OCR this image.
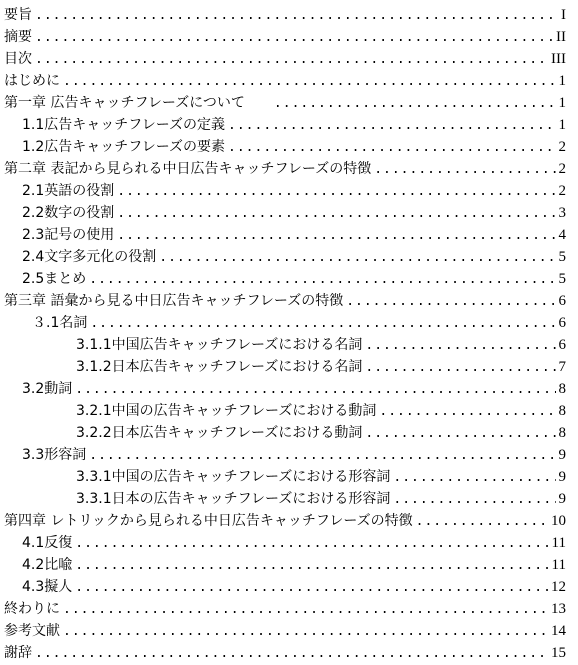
要旨 .....	I
摘要 .....	II
目次 .....	III
はじめに .....	1
第一章 広告キャッチフレーズについて .....	1
1.1広告キャッチフレーズの定義 .....	1
1.2広告キャッチフレーズの要素 .....	2
第二章 表記から見られる中日広告キャッチフレーズの特徴 .....	2
2.1英語の役割 .....	2
2.2数字の役割 .....	3
2.3記号の使用 .....	4
2.4文字多元化の役割 .....	5
2.5まとめ .....	5
第三章 語彙から見る中日広告キャッチフレーズの特徴 .....	6
３.1名詞 .....	6
3.1.1中国広告キャッチフレーズにおける名詞 .....	6
3.1.2日本広告キャッチフレーズにおける名詞 .....	7
3.2動詞 .....	8
3.2.1中国の広告キャッチフレーズにおける動詞 .....	8
3.2.2日本広告キャッチフレーズにおける動詞 .....	8
3.3形容詞 .....	9
3.3.1中国の広告キャッチフレーズにおける形容詞 .....	9
3.3.1日本の広告キャッチフレーズにおける形容詞 .....	9
第四章 レトリックから見られる中日広告キャッチフレーズの特徴 .....	10
4.1反復 .....	11
4.2比喩 .....	11
4.3擬人 .....	12
終わりに .....	13
参考文献 .....	14
謝辞 .....	15
